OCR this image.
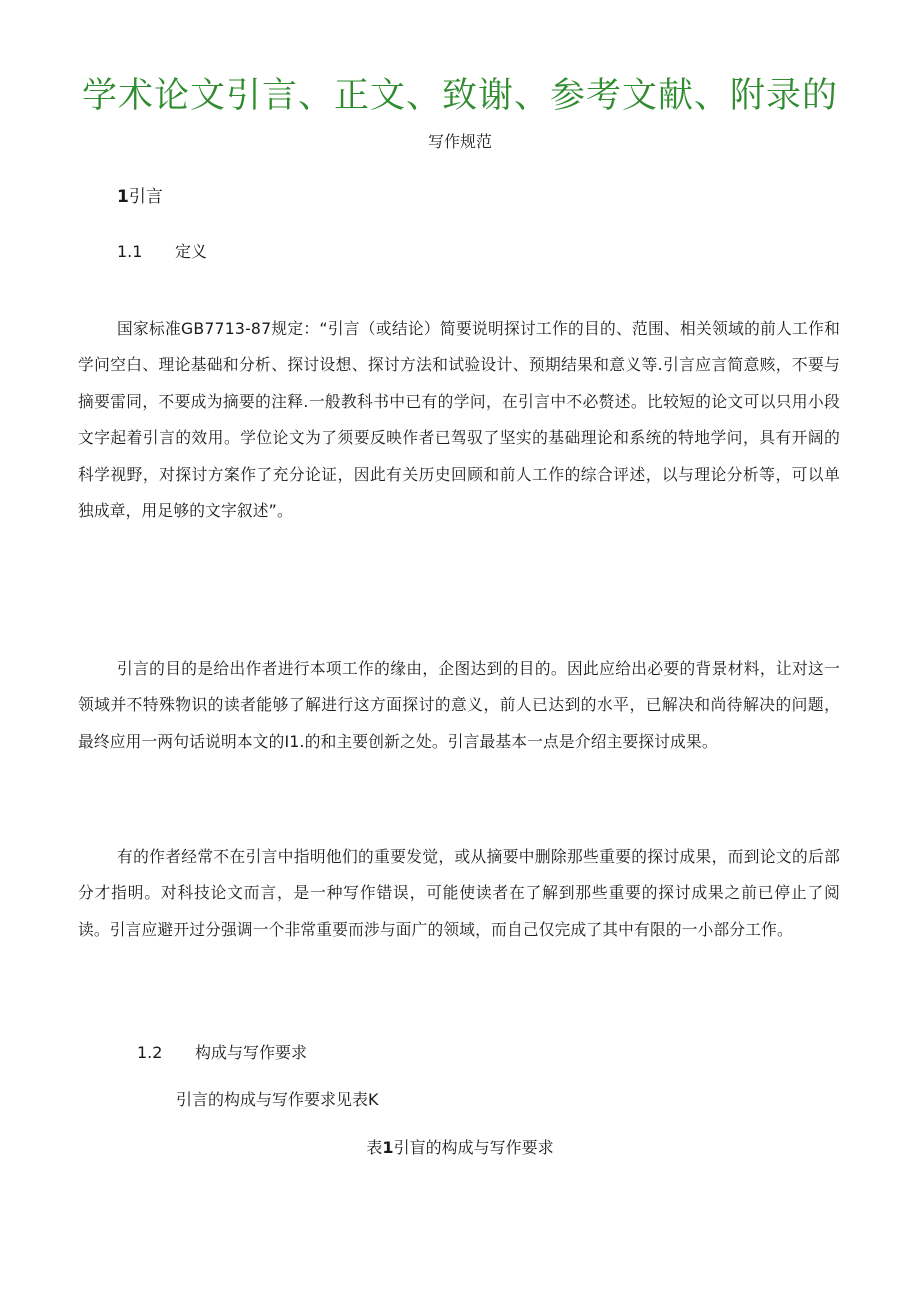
学术论文引言、正文、致谢、参考文献、附录的
写作规范
1引言
1.1 定义

国家标准GB7713-87规定：“引言（或结论）简要说明探讨工作的目的、范围、相关领域的前人工作和学问空白、理论基础和分析、探讨设想、探讨方法和试验设计、预期结果和意义等.引言应言简意赅，不要与摘要雷同，不要成为摘要的注释.一般教科书中已有的学问，在引言中不必赘述。比较短的论文可以只用小段文字起着引言的效用。学位论文为了须要反映作者已驾驭了坚实的基础理论和系统的特地学问，具有开阔的科学视野，对探讨方案作了充分论证，因此有关历史回顾和前人工作的综合评述，以与理论分析等，可以单独成章，用足够的文字叙述”。

引言的目的是给出作者进行本项工作的缘由，企图达到的目的。因此应给出必要的背景材料，让对这一领域并不特殊物识的读者能够了解进行这方面探讨的意义，前人已达到的水平，已解决和尚待解决的问题，最终应用一两句话说明本文的I1.的和主要创新之处。引言最基本一点是介绍主要探讨成果。

有的作者经常不在引言中指明他们的重要发觉，或从摘要中删除那些重要的探讨成果，而到论文的后部分才指明。对科技论文而言，是一种写作错误，可能使读者在了解到那些重要的探讨成果之前已停止了阅读。引言应避开过分强调一个非常重要而涉与面广的领域，而自己仅完成了其中有限的一小部分工作。

1.2 构成与写作要求
引言的构成与写作要求见表K
表1引盲的构成与写作要求
